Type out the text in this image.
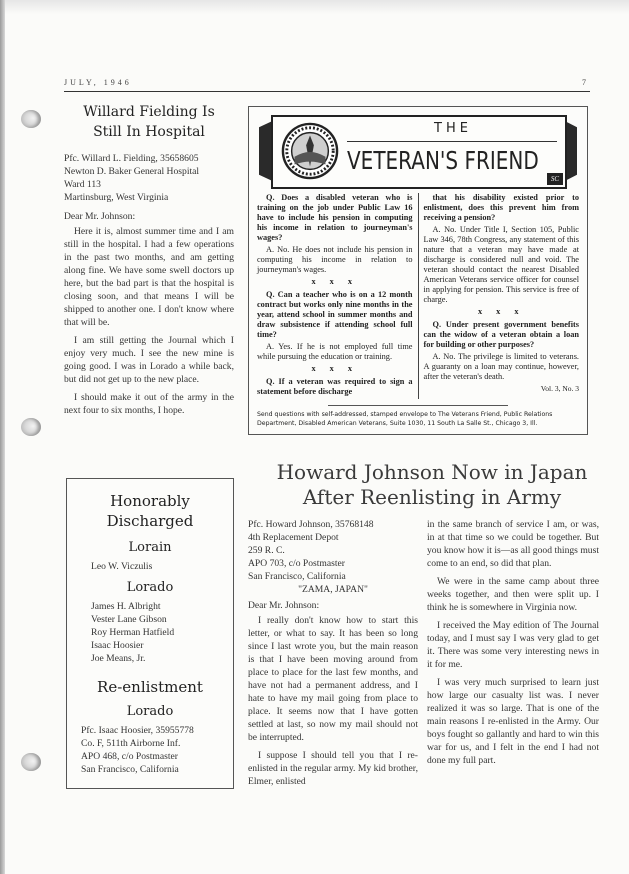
JULY, 1946	7
Willard Fielding Is
Still In Hospital
Pfc. Willard L. Fielding, 35658605
Newton D. Baker General Hospital
Ward 113
Martinsburg, West Virginia
Dear Mr. Johnson:

Here it is, almost summer time and I am still in the hospital. I had a few operations in the past two months, and am getting along fine. We have some swell doctors up here, but the bad part is that the hospital is closing soon, and that means I will be shipped to another one. I don't know where that will be.

I am still getting the Journal which I enjoy very much. I see the new mine is going good. I was in Lorado a while back, but did not get up to the new place.

I should make it out of the army in the next four to six months, I hope.

THE
VETERAN'S FRIEND
SC

Q. Does a disabled veteran who is training on the job under Public Law 16 have to include his pension in computing his income in relation to journeyman's wages?

A. No. He does not include his pension in computing his income in relation to journeyman's wages.

x x x

Q. Can a teacher who is on a 12 month contract but works only nine months in the year, attend school in summer months and draw subsistence if attending school full time?

A. Yes. If he is not employed full time while pursuing the education or training.

x x x

Q. If a veteran was required to sign a statement before discharge

that his disability existed prior to enlistment, does this prevent him from receiving a pension?

A. No. Under Title I, Section 105, Public Law 346, 78th Congress, any statement of this nature that a veteran may have made at discharge is considered null and void. The veteran should contact the nearest Disabled American Veterans service officer for counsel in applying for pension. This service is free of charge.

x x x

Q. Under present government benefits can the widow of a veteran obtain a loan for building or other purposes?

A. No. The privilege is limited to veterans. A guaranty on a loan may continue, however, after the veteran's death.

Vol. 3, No. 3
Send questions with self-addressed, stamped envelope to The Veterans Friend, Public Relations Department, Disabled American Veterans, Suite 1030, 11 South La Salle St., Chicago 3, Ill.
Honorably
Discharged
Lorain
Leo W. Viczulis
Lorado
James H. Albright
Vester Lane Gibson
Roy Herman Hatfield
Isaac Hoosier
Joe Means, Jr.
Re-enlistment
Lorado
Pfc. Isaac Hoosier, 35955778
Co. F, 511th Airborne Inf.
APO 468, c/o Postmaster
San Francisco, California
Howard Johnson Now in Japan
After Reenlisting in Army
Pfc. Howard Johnson, 35768148
4th Replacement Depot
259 R. C.
APO 703, c/o Postmaster
San Francisco, California
"ZAMA, JAPAN"
Dear Mr. Johnson:

I really don't know how to start this letter, or what to say. It has been so long since I last wrote you, but the main reason is that I have been moving around from place to place for the last few months, and have not had a permanent address, and I hate to have my mail going from place to place. It seems now that I have gotten settled at last, so now my mail should not be interrupted.

I suppose I should tell you that I re-enlisted in the regular army. My kid brother, Elmer, enlisted

in the same branch of service I am, or was, in at that time so we could be together. But you know how it is—as all good things must come to an end, so did that plan.

We were in the same camp about three weeks together, and then were split up. I think he is somewhere in Virginia now.

I received the May edition of The Journal today, and I must say I was very glad to get it. There was some very interesting news in it for me.

I was very much surprised to learn just how large our casualty list was. I never realized it was so large. That is one of the main reasons I re-enlisted in the Army. Our boys fought so gallantly and hard to win this war for us, and I felt in the end I had not done my full part.
